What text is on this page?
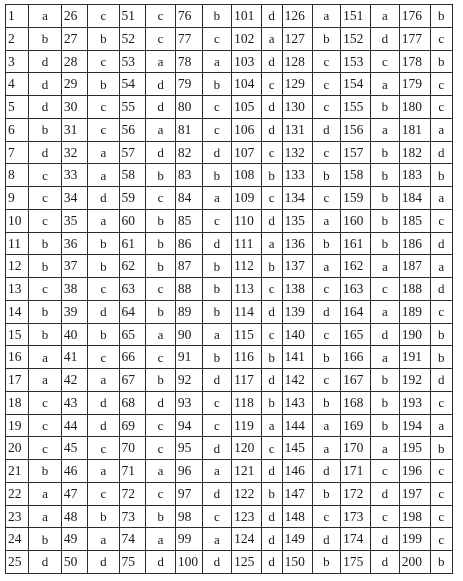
1	a	26	c	51	c	76	b	101	d	126	a	151	a	176	b
2	b	27	b	52	c	77	c	102	a	127	b	152	d	177	c
3	d	28	c	53	a	78	a	103	d	128	c	153	c	178	b
4	d	29	b	54	d	79	b	104	c	129	c	154	a	179	c
5	d	30	c	55	d	80	c	105	d	130	c	155	b	180	c
6	b	31	c	56	a	81	c	106	d	131	d	156	a	181	a
7	d	32	a	57	d	82	d	107	c	132	c	157	b	182	d
8	c	33	a	58	b	83	b	108	b	133	b	158	b	183	b
9	c	34	d	59	c	84	a	109	c	134	c	159	b	184	a
10	c	35	a	60	b	85	c	110	d	135	a	160	b	185	c
11	b	36	b	61	b	86	d	111	a	136	b	161	b	186	d
12	b	37	b	62	b	87	b	112	b	137	a	162	a	187	a
13	c	38	c	63	c	88	b	113	c	138	c	163	c	188	d
14	b	39	d	64	b	89	b	114	d	139	d	164	a	189	c
15	b	40	b	65	a	90	a	115	c	140	c	165	d	190	b
16	a	41	c	66	c	91	b	116	b	141	b	166	a	191	b
17	a	42	a	67	b	92	d	117	d	142	c	167	b	192	d
18	c	43	d	68	d	93	c	118	b	143	b	168	b	193	c
19	c	44	d	69	c	94	c	119	a	144	a	169	b	194	a
20	c	45	c	70	c	95	d	120	c	145	a	170	a	195	b
21	b	46	a	71	a	96	a	121	d	146	d	171	c	196	c
22	a	47	c	72	c	97	d	122	b	147	b	172	d	197	c
23	a	48	b	73	b	98	c	123	d	148	c	173	c	198	c
24	b	49	a	74	a	99	a	124	d	149	d	174	d	199	c
25	d	50	d	75	d	100	d	125	d	150	b	175	d	200	b
